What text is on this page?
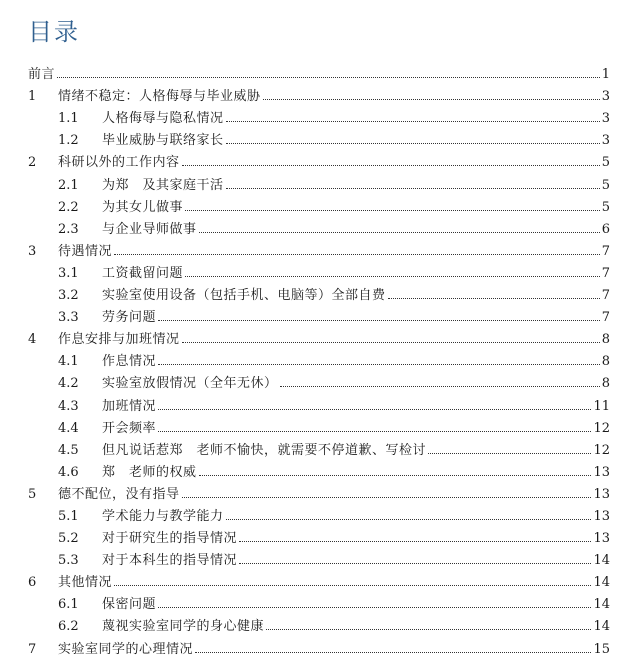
目录
前言	1
1	情绪不稳定：人格侮辱与毕业威胁	3
1.1	人格侮辱与隐私情况	3
1.2	毕业威胁与联络家长	3
2	科研以外的工作内容	5
2.1	为郑　及其家庭干活	5
2.2	为其女儿做事	5
2.3	与企业导师做事	6
3	待遇情况	7
3.1	工资截留问题	7
3.2	实验室使用设备（包括手机、电脑等）全部自费	7
3.3	劳务问题	7
4	作息安排与加班情况	8
4.1	作息情况	8
4.2	实验室放假情况（全年无休）	8
4.3	加班情况	11
4.4	开会频率	12
4.5	但凡说话惹郑　老师不愉快，就需要不停道歉、写检讨	12
4.6	郑　老师的权威	13
5	德不配位，没有指导	13
5.1	学术能力与教学能力	13
5.2	对于研究生的指导情况	13
5.3	对于本科生的指导情况	14
6	其他情况	14
6.1	保密问题	14
6.2	蔑视实验室同学的身心健康	14
7	实验室同学的心理情况	15
